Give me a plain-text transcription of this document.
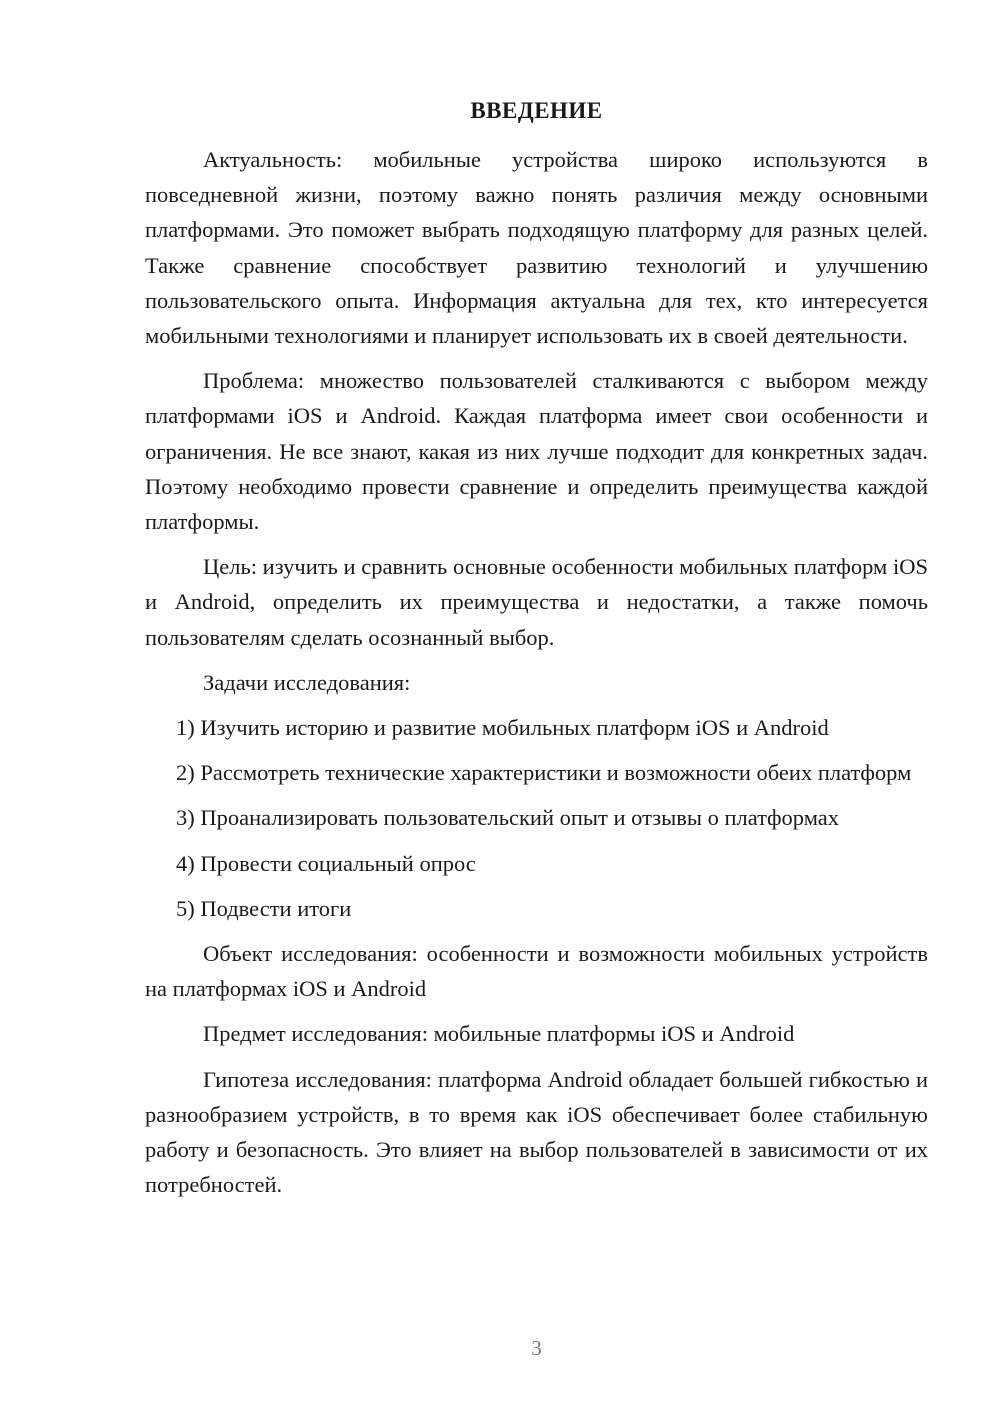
ВВЕДЕНИЕ

Актуальность: мобильные устройства широко используются в повседневной жизни, поэтому важно понять различия между основными платформами. Это поможет выбрать подходящую платформу для разных целей. Также сравнение способствует развитию технологий и улучшению пользовательского опыта. Информация актуальна для тех, кто интересуется мобильными технологиями и планирует использовать их в своей деятельности.

Проблема: множество пользователей сталкиваются с выбором между платформами iOS и Android. Каждая платформа имеет свои особенности и ограничения. Не все знают, какая из них лучше подходит для конкретных задач. Поэтому необходимо провести сравнение и определить преимущества каждой платформы.

Цель: изучить и сравнить основные особенности мобильных платформ iOS и Android, определить их преимущества и недостатки, а также помочь пользователям сделать осознанный выбор.

Задачи исследования:

1) Изучить историю и развитие мобильных платформ iOS и Android

2) Рассмотреть технические характеристики и возможности обеих платформ

3) Проанализировать пользовательский опыт и отзывы о платформах

4) Провести социальный опрос

5) Подвести итоги

Объект исследования: особенности и возможности мобильных устройств на платформах iOS и Android

Предмет исследования: мобильные платформы iOS и Android

Гипотеза исследования: платформа Android обладает большей гибкостью и разнообразием устройств, в то время как iOS обеспечивает более стабильную работу и безопасность. Это влияет на выбор пользователей в зависимости от их потребностей.

3
